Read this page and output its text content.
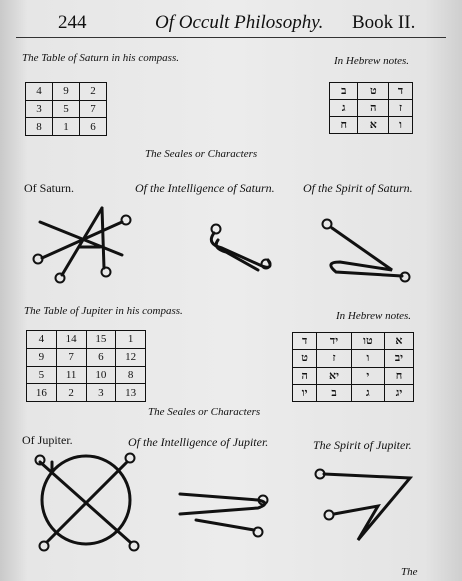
244	Of Occult Philosophy. Book II.
The Table of Saturn in his compass.	In Hebrew notes.
4	9	2
3	5	7
8	1	6
ב	ט	ד
ג	ה	ז
ח	א	ו
The Seales or Characters
Of Saturn.	Of the Intelligence of Saturn. Of the Spirit of Saturn.
The Table of Jupiter in his compass.	In Hebrew notes.
4	14	15	1
9	7	6	12
5	11	10	8
16	2	3	13
ד	יד	טו	א
ט	ז	ו	יב
ה	יא	י	ח
יו	ב	ג	יג
The Seales or Characters
Of Jupiter.	Of the Intelligence of Jupiter.	The Spirit of Jupiter.
The
